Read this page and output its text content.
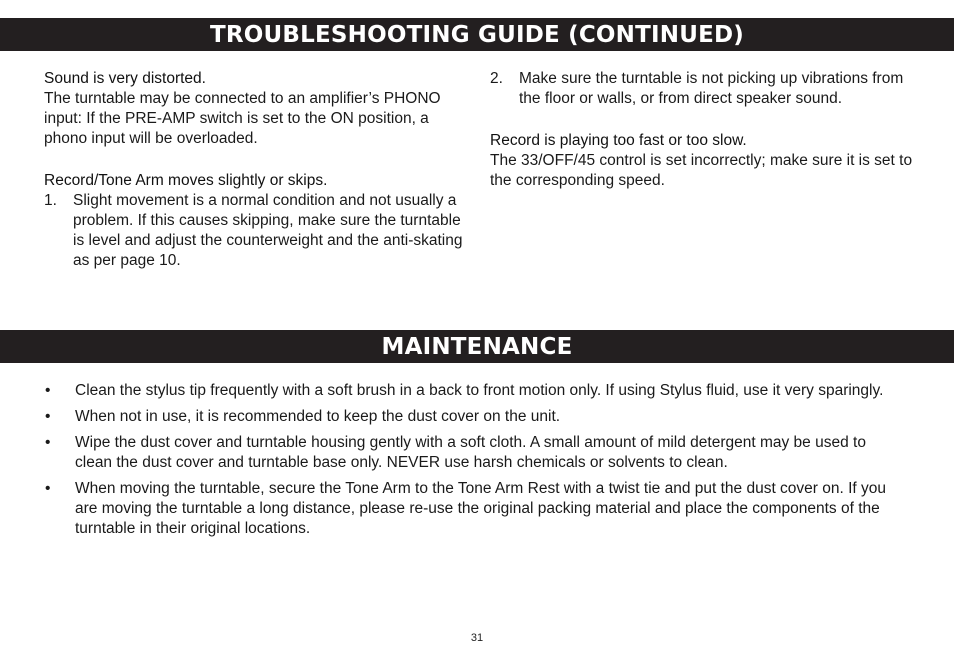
TROUBLESHOOTING GUIDE (CONTINUED)
Sound is very distorted.

The turntable may be connected to an amplifier’s PHONO input: If the PRE-AMP switch is set to the ON position, a phono input will be overloaded.

Record/Tone Arm moves slightly or skips.
1.	Slight movement is a normal condition and not usually a problem. If this causes skipping, make sure the turntable is level and adjust the counterweight and the anti-skating as per page 10.
2.	Make sure the turntable is not picking up vibrations from the floor or walls, or from direct speaker sound.
Record is playing too fast or too slow.

The 33/OFF/45 control is set incorrectly; make sure it is set to the corresponding speed.

MAINTENANCE
•	Clean the stylus tip frequently with a soft brush in a back to front motion only. If using Stylus fluid, use it very sparingly.
•	When not in use, it is recommended to keep the dust cover on the unit.
•	Wipe the dust cover and turntable housing gently with a soft cloth. A small amount of mild detergent may be used to clean the dust cover and turntable base only. NEVER use harsh chemicals or solvents to clean.
•	When moving the turntable, secure the Tone Arm to the Tone Arm Rest with a twist tie and put the dust cover on. If you are moving the turntable a long distance, please re-use the original packing material and place the components of the turntable in their original locations.
31
